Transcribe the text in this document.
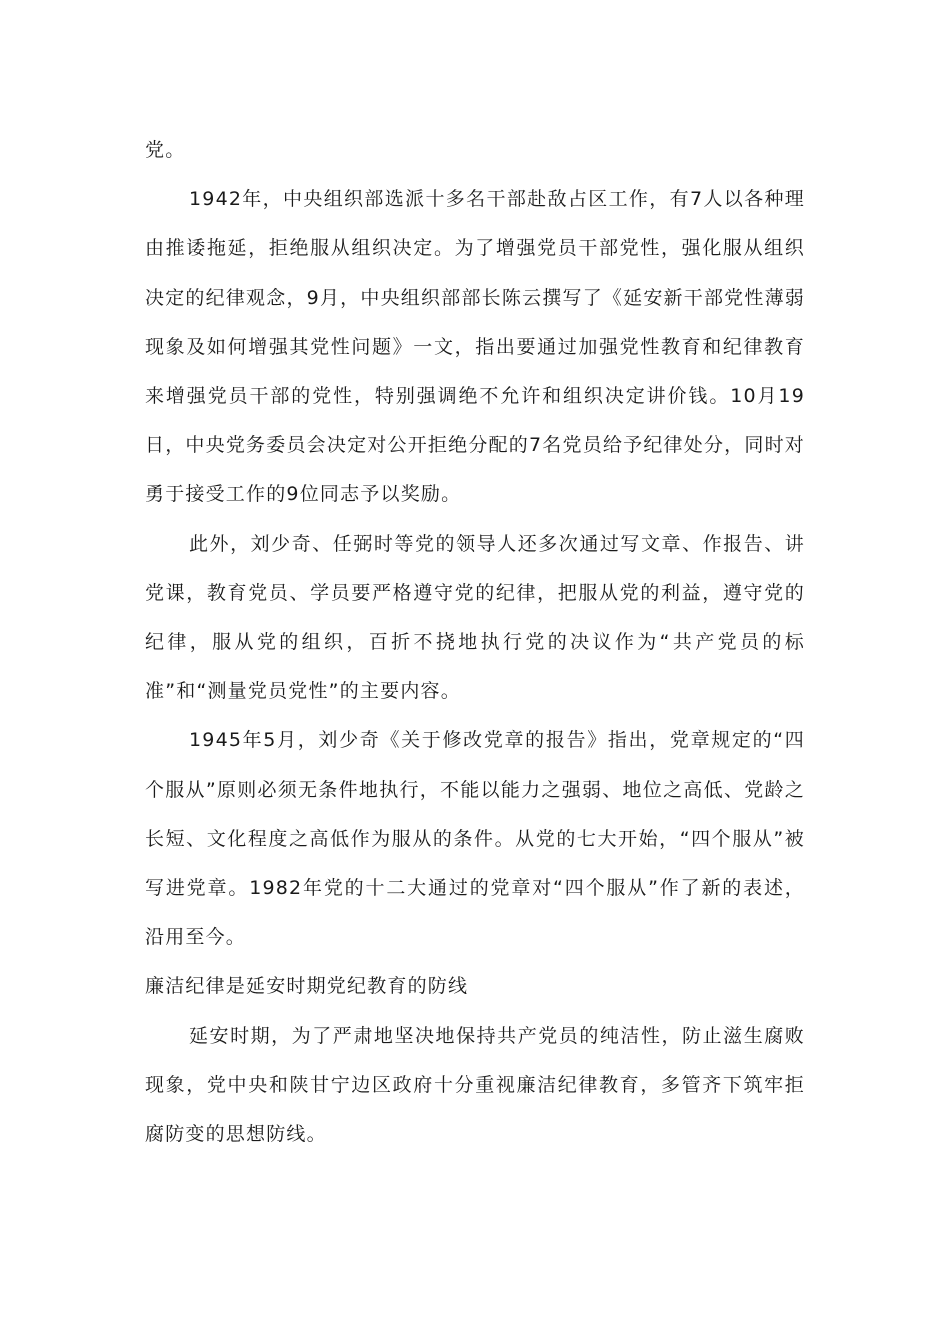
党。

1942年，中央组织部选派十多名干部赴敌占区工作，有7人以各种理由推诿拖延，拒绝服从组织决定。为了增强党员干部党性，强化服从组织决定的纪律观念，9月，中央组织部部长陈云撰写了《延安新干部党性薄弱现象及如何增强其党性问题》一文，指出要通过加强党性教育和纪律教育来增强党员干部的党性，特别强调绝不允许和组织决定讲价钱。10月19日，中央党务委员会决定对公开拒绝分配的7名党员给予纪律处分，同时对勇于接受工作的9位同志予以奖励。

此外，刘少奇、任弼时等党的领导人还多次通过写文章、作报告、讲党课，教育党员、学员要严格遵守党的纪律，把服从党的利益，遵守党的纪律，服从党的组织，百折不挠地执行党的决议作为“共产党员的标准”和“测量党员党性”的主要内容。

1945年5月，刘少奇《关于修改党章的报告》指出，党章规定的“四个服从”原则必须无条件地执行，不能以能力之强弱、地位之高低、党龄之长短、文化程度之高低作为服从的条件。从党的七大开始，“四个服从”被写进党章。1982年党的十二大通过的党章对“四个服从”作了新的表述，沿用至今。

廉洁纪律是延安时期党纪教育的防线

延安时期，为了严肃地坚决地保持共产党员的纯洁性，防止滋生腐败现象，党中央和陕甘宁边区政府十分重视廉洁纪律教育，多管齐下筑牢拒腐防变的思想防线。
